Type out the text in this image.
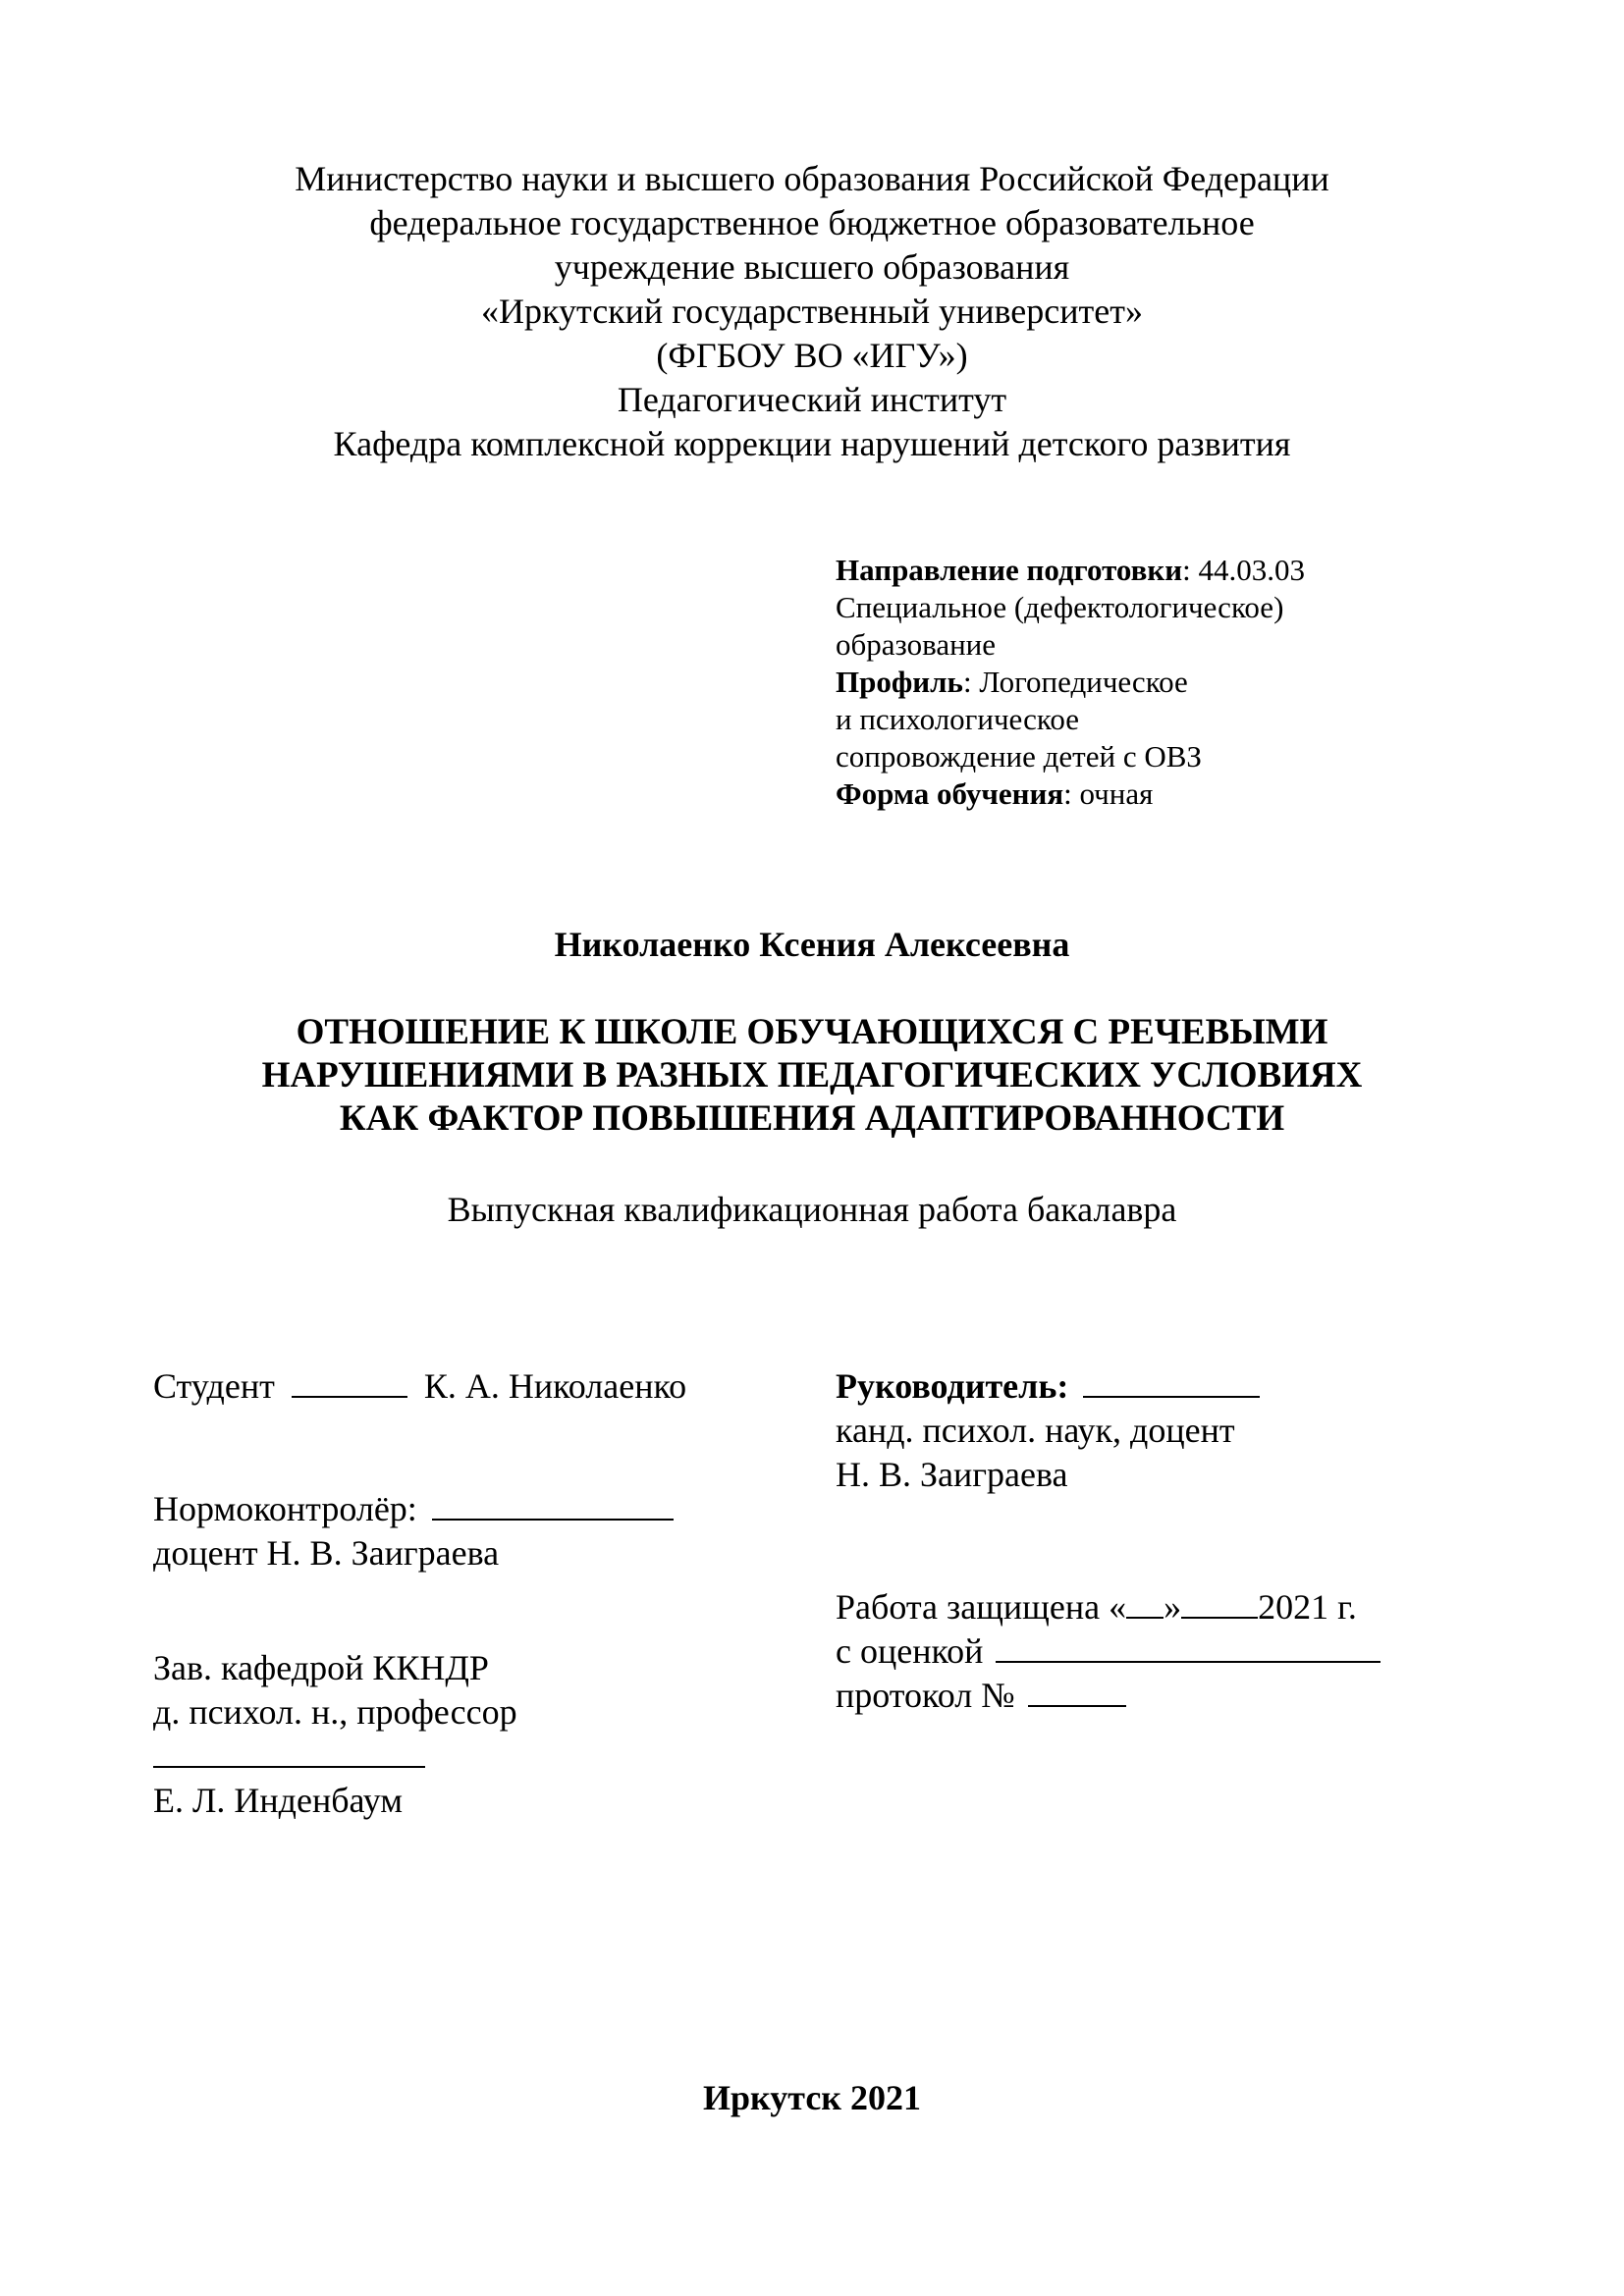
Министерство науки и высшего образования Российской Федерации
федеральное государственное бюджетное образовательное
учреждение высшего образования
«Иркутский государственный университет»
(ФГБОУ ВО «ИГУ»)
Педагогический институт
Кафедра комплексной коррекции нарушений детского развития
Направление подготовки: 44.03.03
Специальное (дефектологическое)
образование
Профиль: Логопедическое
и психологическое
сопровождение детей с ОВЗ
Форма обучения: очная
Николаенко Ксения Алексеевна
ОТНОШЕНИЕ К ШКОЛЕ ОБУЧАЮЩИХСЯ С РЕЧЕВЫМИ
НАРУШЕНИЯМИ В РАЗНЫХ ПЕДАГОГИЧЕСКИХ УСЛОВИЯХ
КАК ФАКТОР ПОВЫШЕНИЯ АДАПТИРОВАННОСТИ
Выпускная квалификационная работа бакалавра
Студент	К. А. Николаенко
Нормоконтролёр:
доцент Н. В. Заиграева
Зав. кафедрой ККНДР
д. психол. н., профессор
Е. Л. Инденбаум
Руководитель:
канд. психол. наук, доцент
Н. В. Заиграева
Работа защищена « » 2021 г.
с оценкой
протокол №
Иркутск 2021
